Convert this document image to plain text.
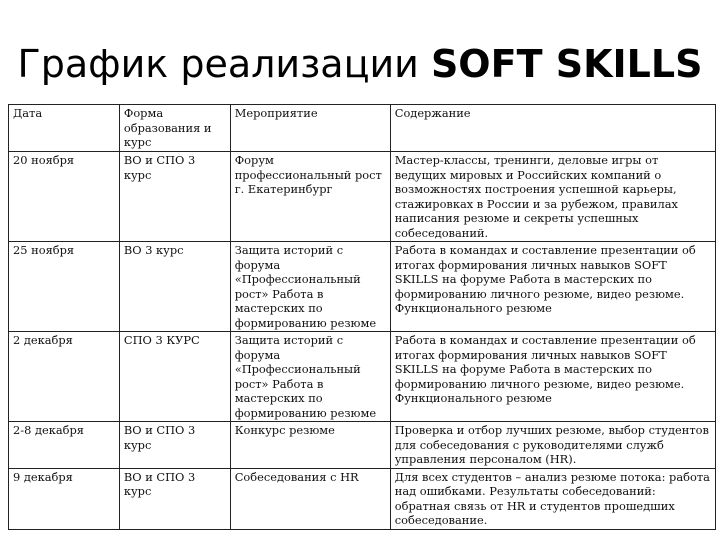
График реализации SOFT SKILLS
Дата	Форма образования и курс	Мероприятие	Содержание
20 ноября	ВО и СПО 3 курс	Форум профессиональный рост г. Екатеринбург	Мастер-классы, тренинги, деловые игры от ведущих мировых и Российских компаний о возможностях построения успешной карьеры, стажировках в России и за рубежом, правилах написания резюме и секреты успешных собеседований.
25 ноября	ВО 3 курс	Защита историй с форума «Профессиональный рост» Работа в мастерских по формированию резюме	Работа в командах и составление презентации об итогах формирования личных навыков SOFT SKILLS на форуме Работа в мастерских по формированию личного резюме, видео резюме. Функционального резюме
2 декабря	СПО 3 КУРС	Защита историй с форума «Профессиональный рост» Работа в мастерских по формированию резюме	Работа в командах и составление презентации об итогах формирования личных навыков SOFT SKILLS на форуме Работа в мастерских по формированию личного резюме, видео резюме. Функционального резюме
2-8 декабря	ВО и СПО 3 курс	Конкурс резюме	Проверка и отбор лучших резюме, выбор студентов для собеседования с руководителями служб управления персоналом (HR).
9 декабря	ВО и СПО 3 курс	Собеседования с HR	Для всех студентов – анализ резюме потока: работа над ошибками. Результаты собеседований: обратная связь от HR и студентов прошедших собеседование.
